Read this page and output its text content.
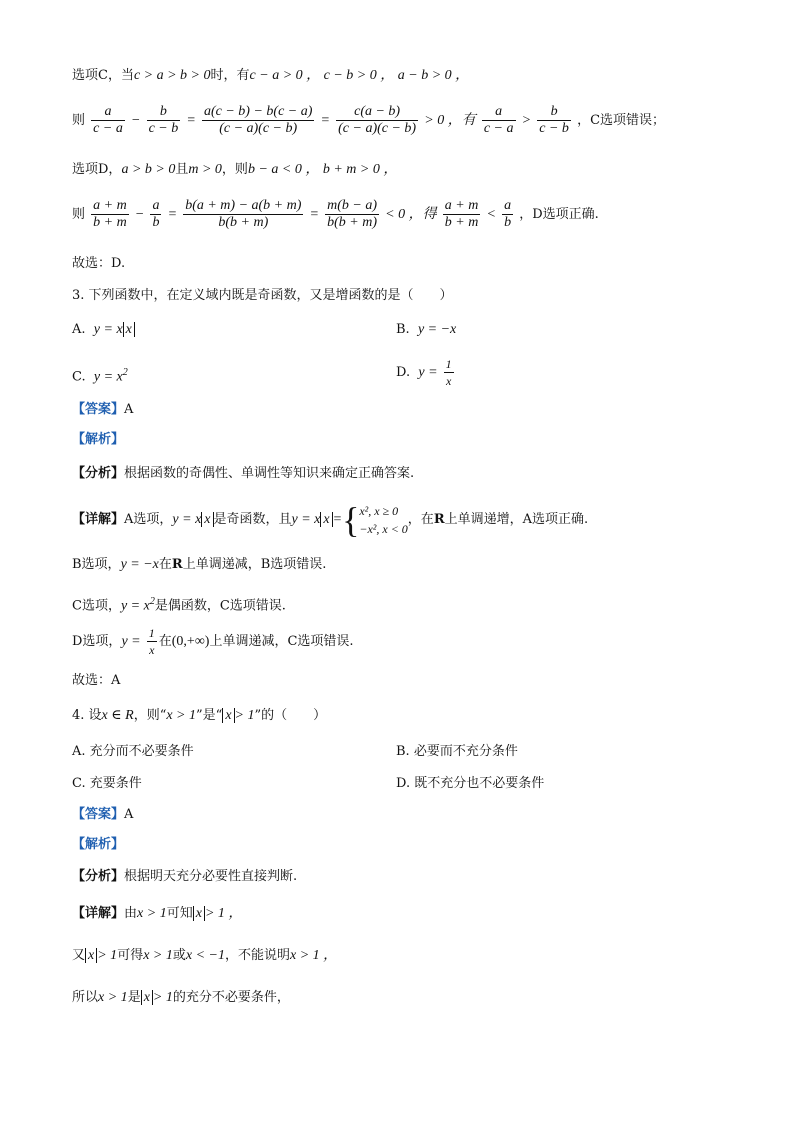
选项C，当c > a > b > 0时，有c − a > 0 ， c − b > 0 ， a − b > 0 ，
则 $\frac{a}{c - a} - \frac{b}{c - b} = \frac{a(c - b) - b(c - a)}{(c - a)(c - b)} = \frac{c(a - b)}{(c - a)(c - b)} > 0$ ，有 $\frac{a}{c - a} > \frac{b}{c - b}$ ，C选项错误；
选项D，a > b > 0且m > 0，则b − a < 0 ， b + m > 0 ，
则 $\frac{a + m}{b + m} - \frac{a}{b} = \frac{b(a + m) - a(b + m)}{b(b + m)} = \frac{m(b - a)}{b(b + m)} < 0$ ，得 $\frac{a + m}{b + m} < \frac{a}{b}$ ，D选项正确.
故选：D.
3. 下列函数中，在定义域内既是奇函数，又是增函数的是（　　）
A. y = x x	B. y = −x
C. $y = x^2$	D. $y = \frac{1}{x}$
【答案】A
【解析】
【分析】根据函数的奇偶性、单调性等知识来确定正确答案.
【详解】A选项，y = x x 是奇函数，且y = x x ={ x², x ≥ 0
−x², x < 0
，在R上单调递增，A选项正确.
B选项，y = −x在R上单调递减，B选项错误.
C选项，$y = x^2$是偶函数，C选项错误.
D选项，$y = \frac{1}{x}$ 在(0,+∞)上单调递减，C选项错误.
故选：A
4. 设x ∈ R，则“x > 1”是“ x > 1”的（　　）
A. 充分而不必要条件	B. 必要而不充分条件
C. 充要条件	D. 既不充分也不必要条件
【答案】A
【解析】
【分析】根据明天充分必要性直接判断.
【详解】由x > 1可知 x > 1 ，
又 x > 1可得x > 1或x < −1，不能说明x > 1 ，
所以x > 1是 x > 1的充分不必要条件，
